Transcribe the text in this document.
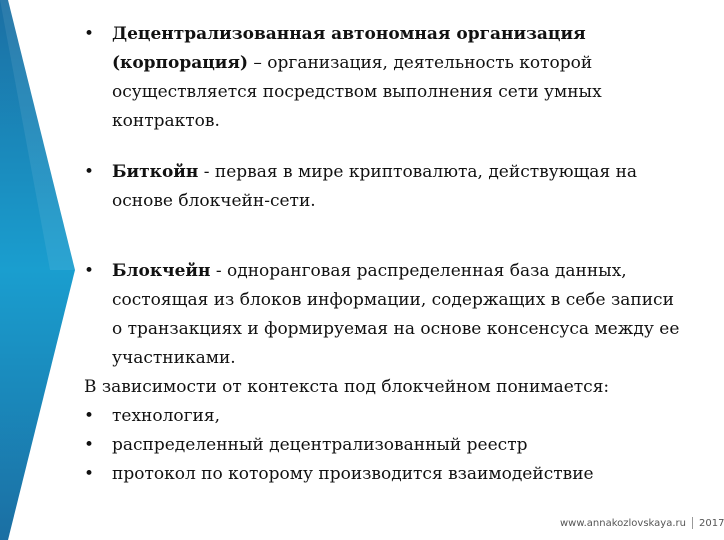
•	Децентрализованная автономная организация (корпорация) – организация, деятельность которой осуществляется посредством выполнения сети умных контрактов.
•	Биткойн - первая в мире криптовалюта, действующая на основе блокчейн-сети.
•	Блокчейн - одноранговая распределенная база данных, состоящая из блоков информации, содержащих в себе записи о транзакциях и формируемая на основе консенсуса между ее участниками.
В зависимости от контекста под блокчейном понимается:
• технология,
• распределенный децентрализованный реестр
• протокол по которому производится взаимодействие
www.annakozlovskaya.ru 2017
